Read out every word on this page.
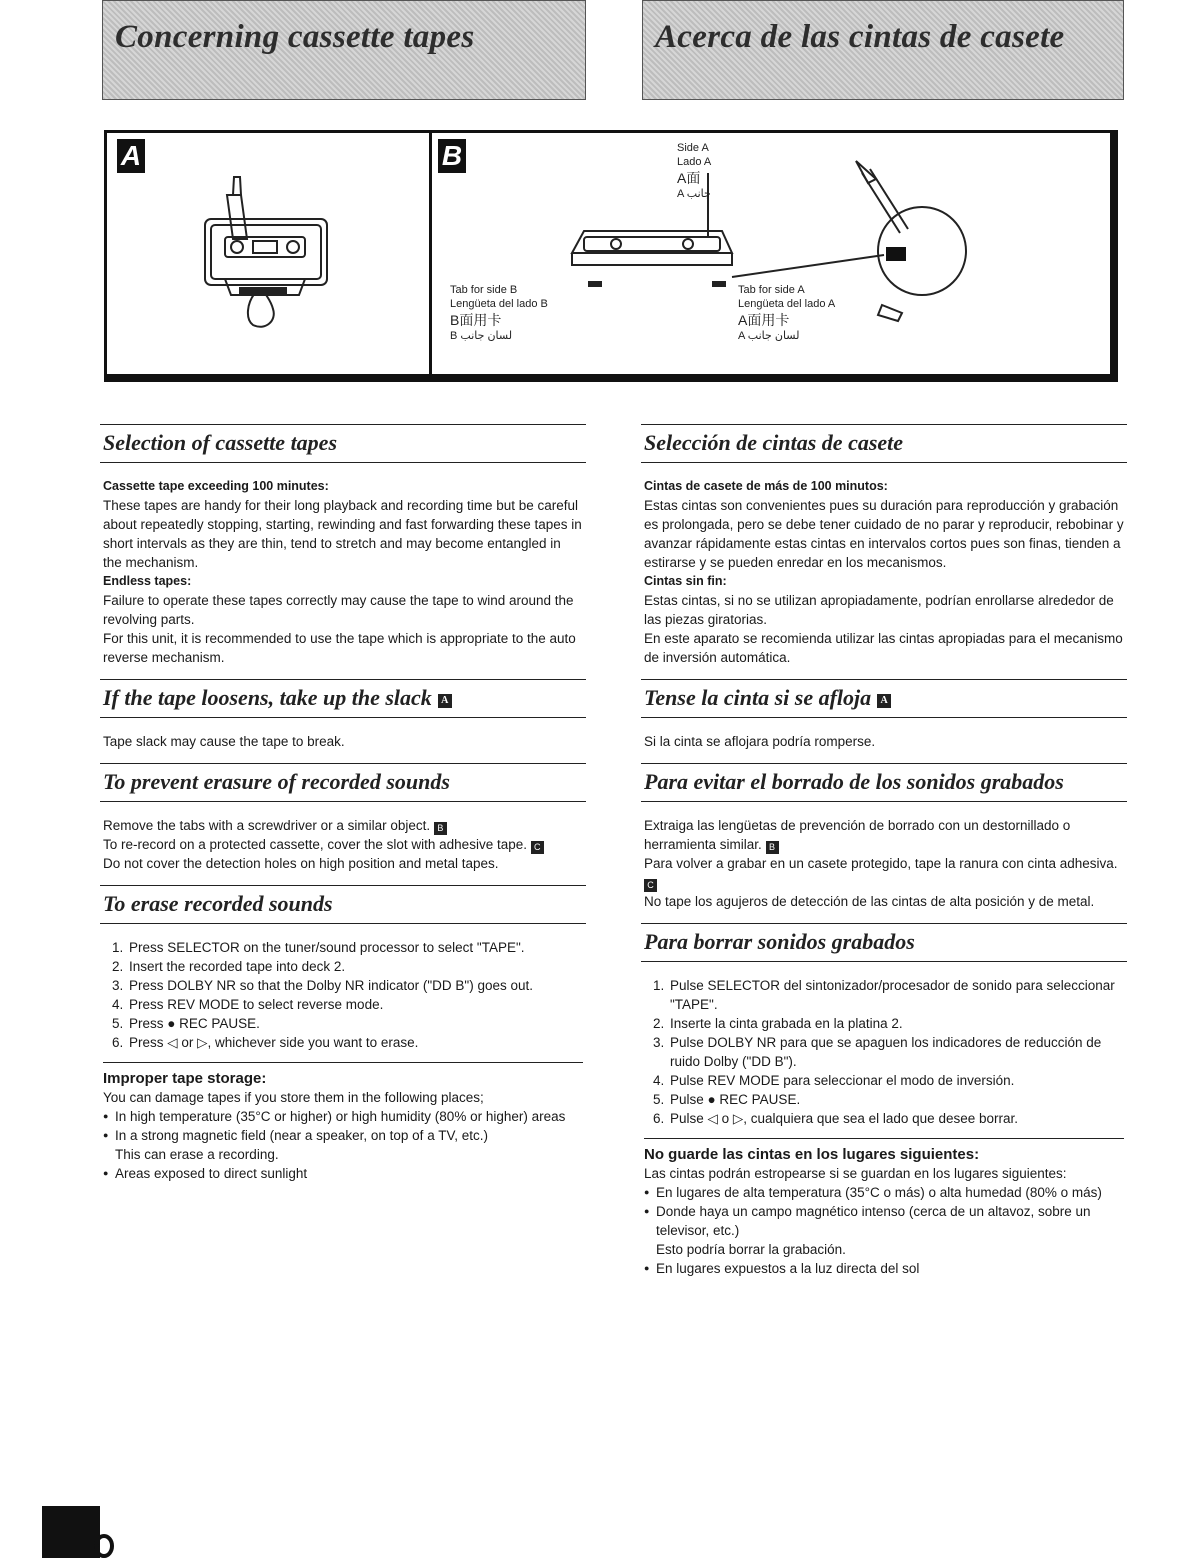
Concerning cassette tapes	Acerca de las cintas de casete
A	B	Side A
Lado A
A面
A جانب
Tab for side B
Lengüeta del lado B
B面用卡
B لسان جانب
Tab for side A
Lengüeta del lado A
A面用卡
A لسان جانب
Selection of cassette tapes

Cassette tape exceeding 100 minutes:

These tapes are handy for their long playback and recording time but be careful about repeatedly stopping, starting, rewinding and fast forwarding these tapes in short intervals as they are thin, tend to stretch and may become entangled in the mechanism.

Endless tapes:

Failure to operate these tapes correctly may cause the tape to wind around the revolving parts.

For this unit, it is recommended to use the tape which is appropriate to the auto reverse mechanism.

If the tape loosens, take up the slack A

Tape slack may cause the tape to break.

To prevent erasure of recorded sounds

Remove the tabs with a screwdriver or a similar object. B

To re-record on a protected cassette, cover the slot with adhesive tape. C

Do not cover the detection holes on high position and metal tapes.

To erase recorded sounds
1. Press SELECTOR on the tuner/sound processor to select "TAPE".
2. Insert the recorded tape into deck 2.
3. Press DOLBY NR so that the Dolby NR indicator ("DD B") goes out.
4. Press REV MODE to select reverse mode.
5. Press ● REC PAUSE.
6. Press ◁ or ▷, whichever side you want to erase.

Improper tape storage:

You can damage tapes if you store them in the following places;

● In high temperature (35°C or higher) or high humidity (80% or higher) areas
● In a strong magnetic field (near a speaker, on top of a TV, etc.)
This can erase a recording.
● Areas exposed to direct sunlight
Selección de cintas de casete

Cintas de casete de más de 100 minutos:

Estas cintas son convenientes pues su duración para reproducción y grabación es prolongada, pero se debe tener cuidado de no parar y reproducir, rebobinar y avanzar rápidamente estas cintas en intervalos cortos pues son finas, tienden a estirarse y se pueden enredar en los mecanismos.

Cintas sin fin:

Estas cintas, si no se utilizan apropiadamente, podrían enrollarse alrededor de las piezas giratorias.

En este aparato se recomienda utilizar las cintas apropiadas para el mecanismo de inversión automática.

Tense la cinta si se afloja A

Si la cinta se aflojara podría romperse.

Para evitar el borrado de los sonidos grabados

Extraiga las lengüetas de prevención de borrado con un destornillado o herramienta similar. B

Para volver a grabar en un casete protegido, tape la ranura con cinta adhesiva. C

No tape los agujeros de detección de las cintas de alta posición y de metal.

Para borrar sonidos grabados
1. Pulse SELECTOR del sintonizador/procesador de sonido para seleccionar "TAPE".
2. Inserte la cinta grabada en la platina 2.
3. Pulse DOLBY NR para que se apaguen los indicadores de reducción de ruido Dolby ("DD B").
4. Pulse REV MODE para seleccionar el modo de inversión.
5. Pulse ● REC PAUSE.
6. Pulse ◁ o ▷, cualquiera que sea el lado que desee borrar.

No guarde las cintas en los lugares siguientes:

Las cintas podrán estropearse si se guardan en los lugares siguientes:

● En lugares de alta temperatura (35°C o más) o alta humedad (80% o más)
● Donde haya un campo magnético intenso (cerca de un altavoz, sobre un televisor, etc.)
Esto podría borrar la grabación.
● En lugares expuestos a la luz directa del sol
